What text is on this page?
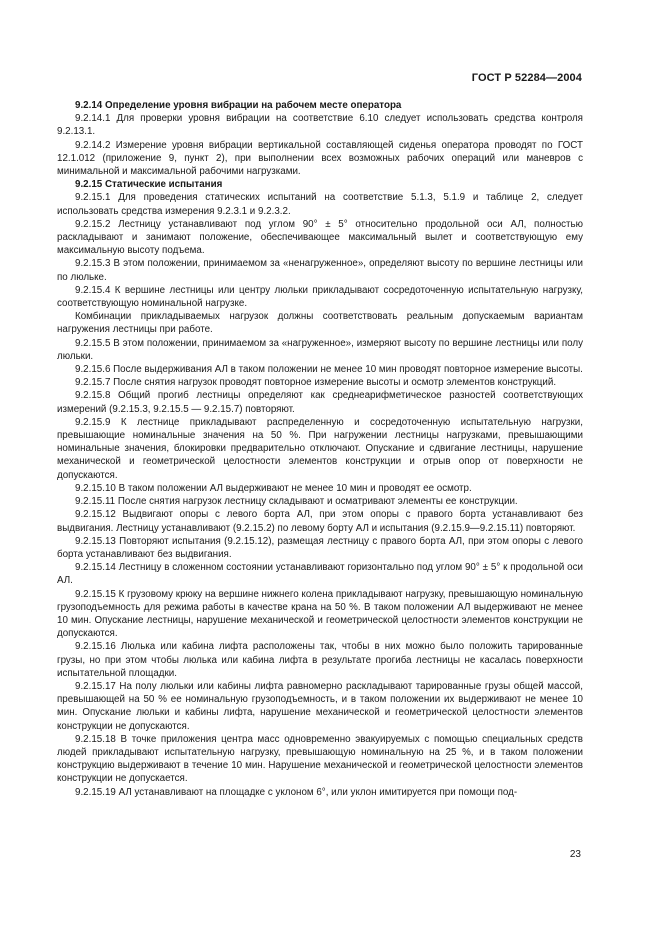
ГОСТ Р 52284—2004

9.2.14 Определение уровня вибрации на рабочем месте оператора

9.2.14.1 Для проверки уровня вибрации на соответствие 6.10 следует использовать средства контроля 9.2.13.1.

9.2.14.2 Измерение уровня вибрации вертикальной составляющей сиденья оператора проводят по ГОСТ 12.1.012 (приложение 9, пункт 2), при выполнении всех возможных рабочих операций или маневров с минимальной и максимальной рабочими нагрузками.

9.2.15 Статические испытания

9.2.15.1 Для проведения статических испытаний на соответствие 5.1.3, 5.1.9 и таблице 2, следует использовать средства измерения 9.2.3.1 и 9.2.3.2.

9.2.15.2 Лестницу устанавливают под углом 90° ± 5° относительно продольной оси АЛ, полностью раскладывают и занимают положение, обеспечивающее максимальный вылет и соответствующую ему максимальную высоту подъема.

9.2.15.3 В этом положении, принимаемом за «ненагруженное», определяют высоту по вершине лестницы или по люльке.

9.2.15.4 К вершине лестницы или центру люльки прикладывают сосредоточенную испытательную нагрузку, соответствующую номинальной нагрузке.

Комбинации прикладываемых нагрузок должны соответствовать реальным допускаемым вариантам нагружения лестницы при работе.

9.2.15.5 В этом положении, принимаемом за «нагруженное», измеряют высоту по вершине лестницы или полу люльки.

9.2.15.6 После выдерживания АЛ в таком положении не менее 10 мин проводят повторное измерение высоты.

9.2.15.7 После снятия нагрузок проводят повторное измерение высоты и осмотр элементов конструкций.

9.2.15.8 Общий прогиб лестницы определяют как среднеарифметическое разностей соответствующих измерений (9.2.15.3, 9.2.15.5 — 9.2.15.7) повторяют.

9.2.15.9 К лестнице прикладывают распределенную и сосредоточенную испытательную нагрузки, превышающие номинальные значения на 50 %. При нагружении лестницы нагрузками, превышающими номинальные значения, блокировки предварительно отключают. Опускание и сдвигание лестницы, нарушение механической и геометрической целостности элементов конструкции и отрыв опор от поверхности не допускаются.

9.2.15.10 В таком положении АЛ выдерживают не менее 10 мин и проводят ее осмотр.

9.2.15.11 После снятия нагрузок лестницу складывают и осматривают элементы ее конструкции.

9.2.15.12 Выдвигают опоры с левого борта АЛ, при этом опоры с правого борта устанавливают без выдвигания. Лестницу устанавливают (9.2.15.2) по левому борту АЛ и испытания (9.2.15.9—9.2.15.11) повторяют.

9.2.15.13 Повторяют испытания (9.2.15.12), размещая лестницу с правого борта АЛ, при этом опоры с левого борта устанавливают без выдвигания.

9.2.15.14 Лестницу в сложенном состоянии устанавливают горизонтально под углом 90° ± 5° к продольной оси АЛ.

9.2.15.15 К грузовому крюку на вершине нижнего колена прикладывают нагрузку, превышающую номинальную грузоподъемность для режима работы в качестве крана на 50 %. В таком положении АЛ выдерживают не менее 10 мин. Опускание лестницы, нарушение механической и геометрической целостности элементов конструкции не допускаются.

9.2.15.16 Люлька или кабина лифта расположены так, чтобы в них можно было положить тарированные грузы, но при этом чтобы люлька или кабина лифта в результате прогиба лестницы не касалась поверхности испытательной площадки.

9.2.15.17 На полу люльки или кабины лифта равномерно раскладывают тарированные грузы общей массой, превышающей на 50 % ее номинальную грузоподъемность, и в таком положении их выдерживают не менее 10 мин. Опускание люльки и кабины лифта, нарушение механической и геометрической целостности элементов конструкции не допускаются.

9.2.15.18 В точке приложения центра масс одновременно эвакуируемых с помощью специальных средств людей прикладывают испытательную нагрузку, превышающую номинальную на 25 %, и в таком положении конструкцию выдерживают в течение 10 мин. Нарушение механической и геометрической целостности элементов конструкции не допускается.

9.2.15.19 АЛ устанавливают на площадке с уклоном 6°, или уклон имитируется при помощи под-

23
